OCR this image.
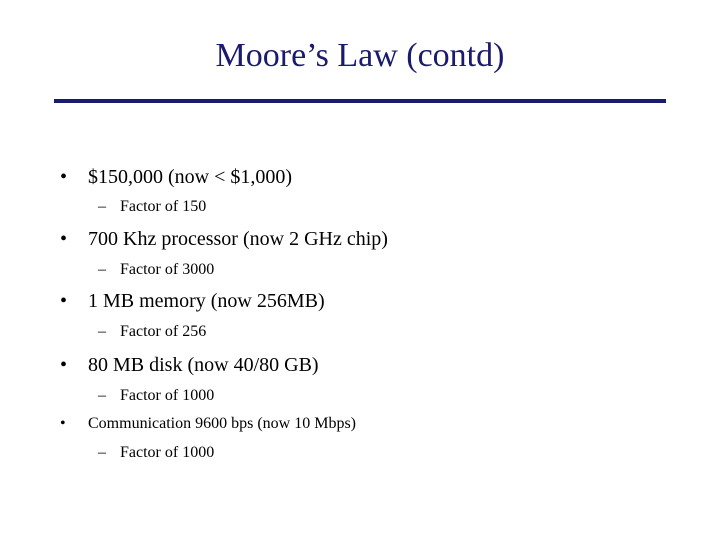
Moore’s Law (contd)
• $150,000 (now < $1,000)
– Factor of 150
• 700 Khz processor (now 2 GHz chip)
– Factor of 3000
• 1 MB memory (now 256MB)
– Factor of 256
• 80 MB disk (now 40/80 GB)
– Factor of 1000
• Communication 9600 bps (now 10 Mbps)
– Factor of 1000
